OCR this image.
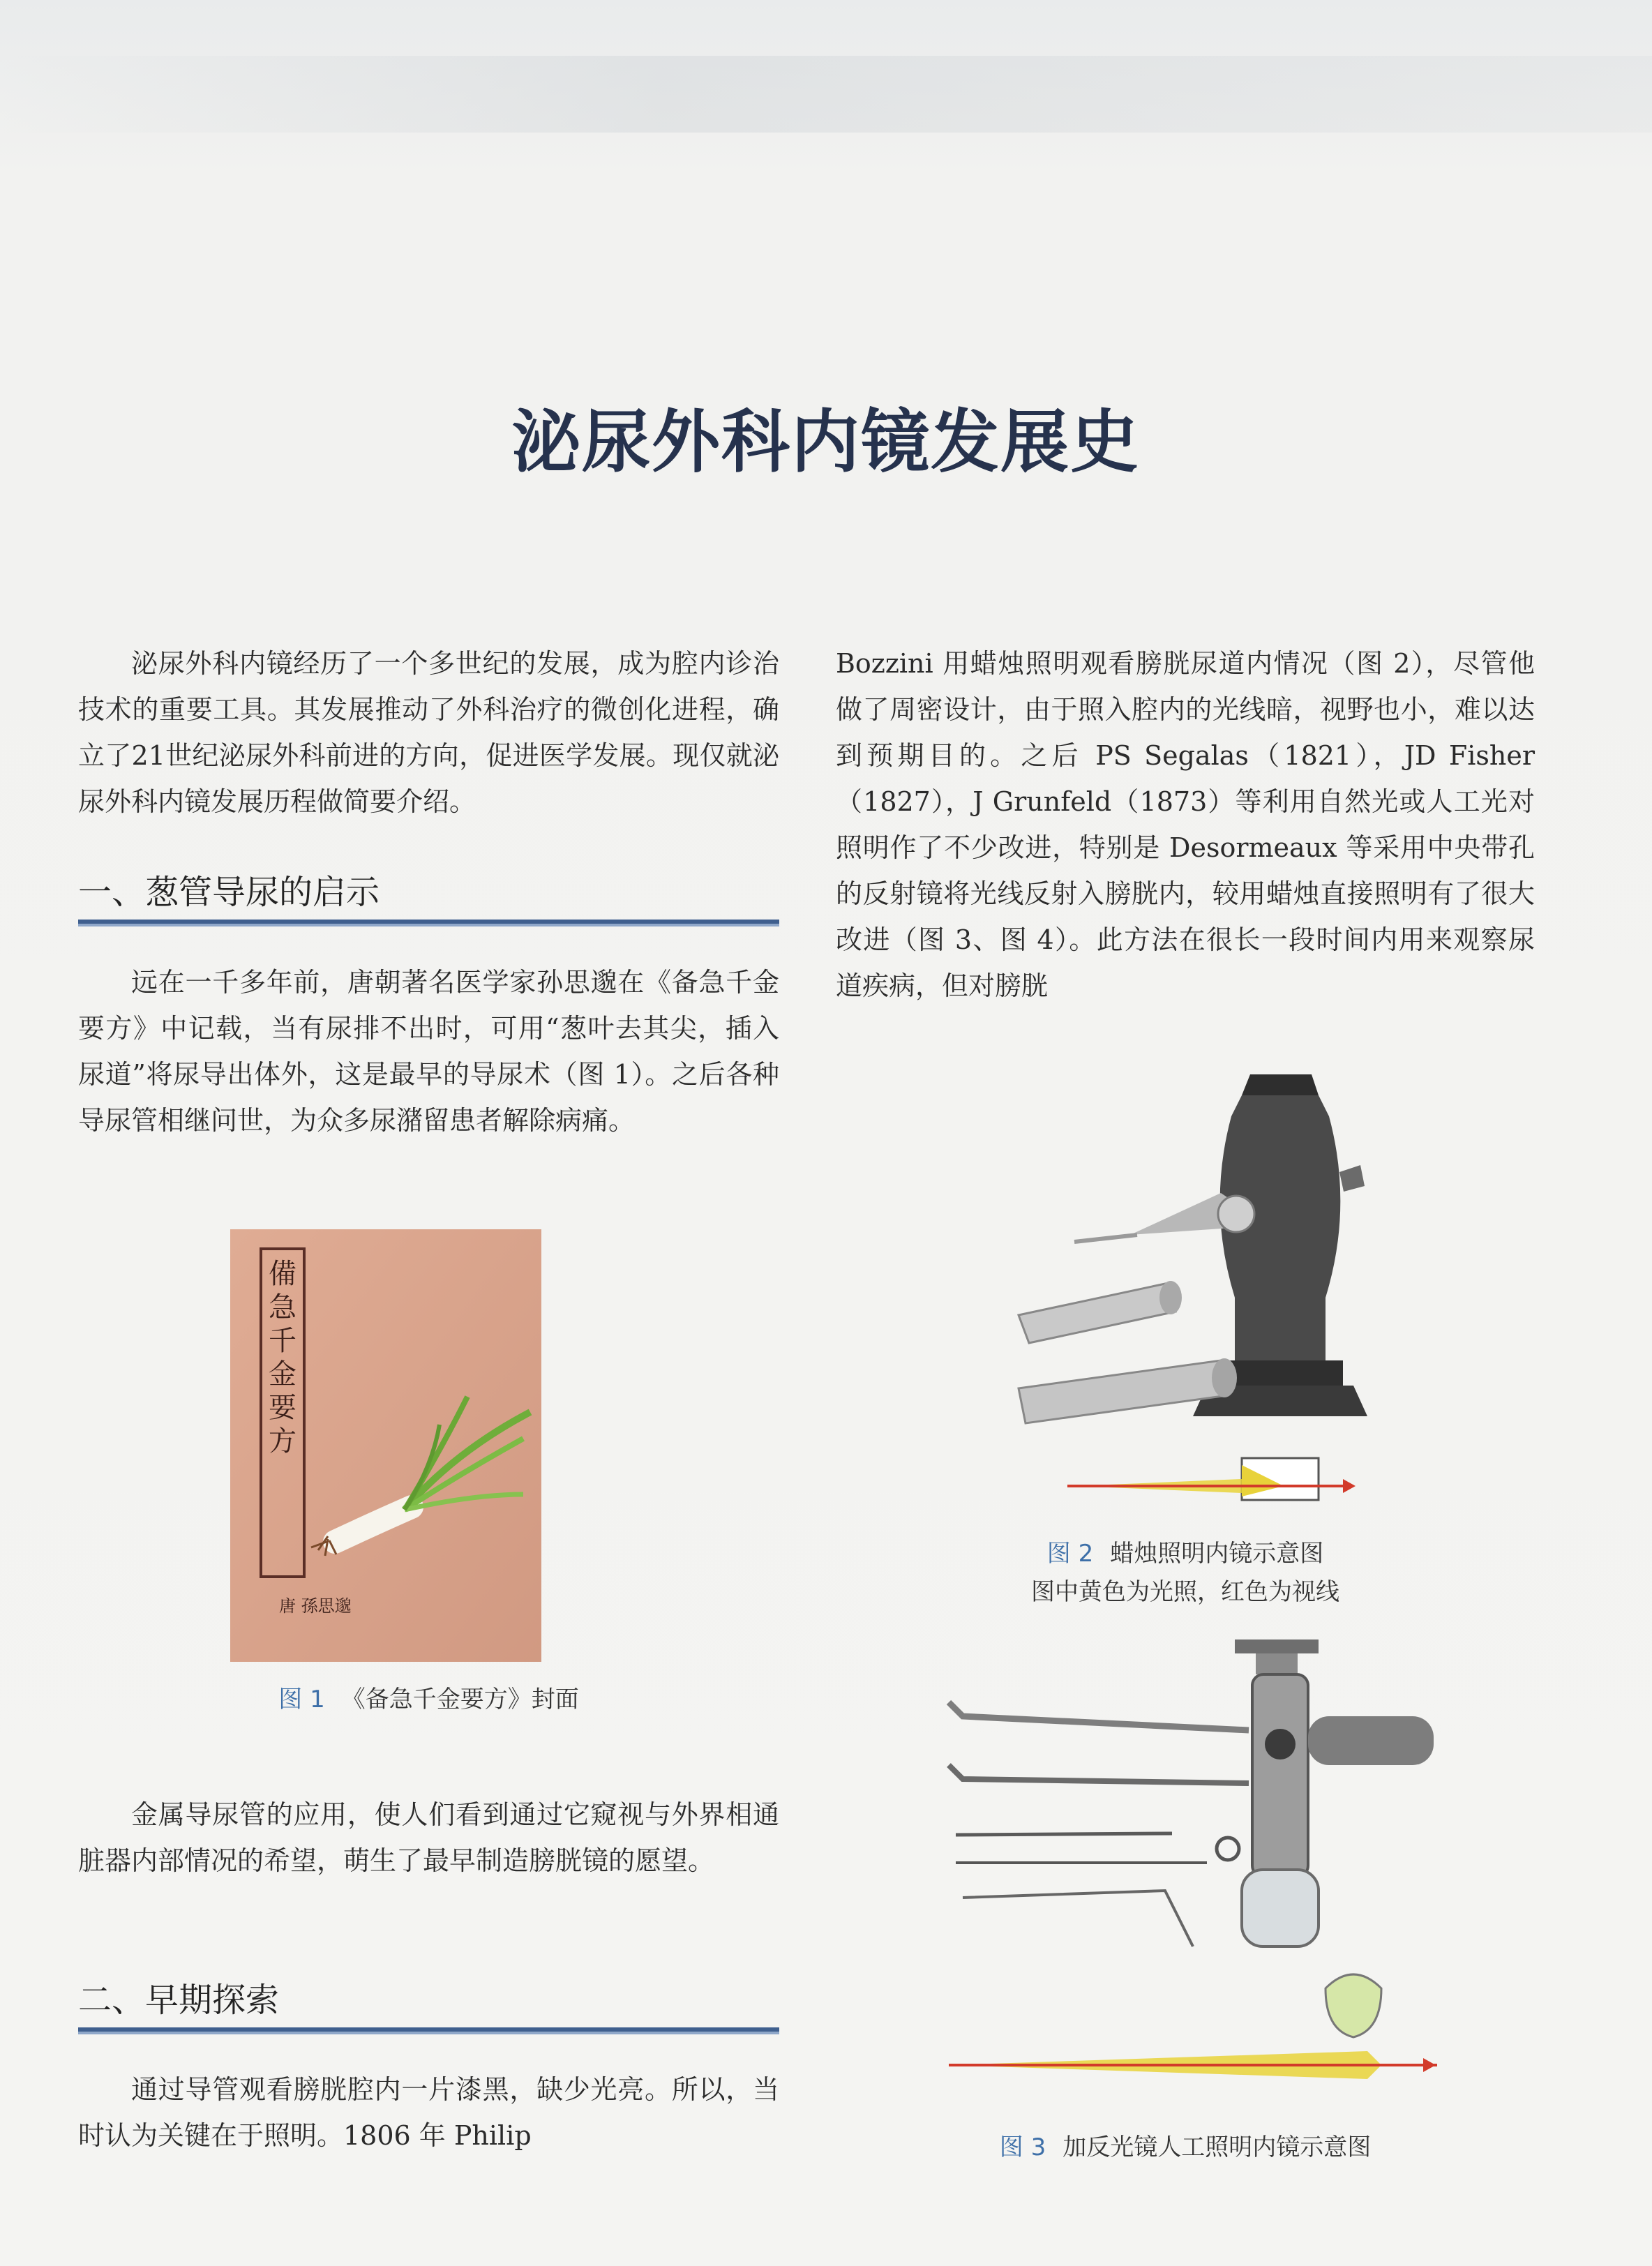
泌尿外科内镜发展史

泌尿外科内镜经历了一个多世纪的发展，成为腔内诊治技术的重要工具。其发展推动了外科治疗的微创化进程，确立了21世纪泌尿外科前进的方向，促进医学发展。现仅就泌尿外科内镜发展历程做简要介绍。

一、葱管导尿的启示

远在一千多年前，唐朝著名医学家孙思邈在《备急千金要方》中记载，当有尿排不出时，可用“葱叶去其尖，插入尿道”将尿导出体外，这是最早的导尿术（图 1）。之后各种导尿管相继问世，为众多尿潴留患者解除病痛。

備急千金要方
唐 孫思邈

图 1 《备急千金要方》封面

金属导尿管的应用，使人们看到通过它窥视与外界相通脏器内部情况的希望，萌生了最早制造膀胱镜的愿望。

二、早期探索

通过导管观看膀胱腔内一片漆黑，缺少光亮。所以，当时认为关键在于照明。1806 年 Philip

Bozzini 用蜡烛照明观看膀胱尿道内情况（图 2），尽管他做了周密设计，由于照入腔内的光线暗，视野也小，难以达到预期目的。之后 PS Segalas（1821），JD Fisher（1827），J Grunfeld（1873）等利用自然光或人工光对照明作了不少改进，特别是 Desormeaux 等采用中央带孔的反射镜将光线反射入膀胱内，较用蜡烛直接照明有了很大改进（图 3、图 4）。此方法在很长一段时间内用来观察尿道疾病，但对膀胱

图 2 蜡烛照明内镜示意图

图中黄色为光照，红色为视线

图 3 加反光镜人工照明内镜示意图
